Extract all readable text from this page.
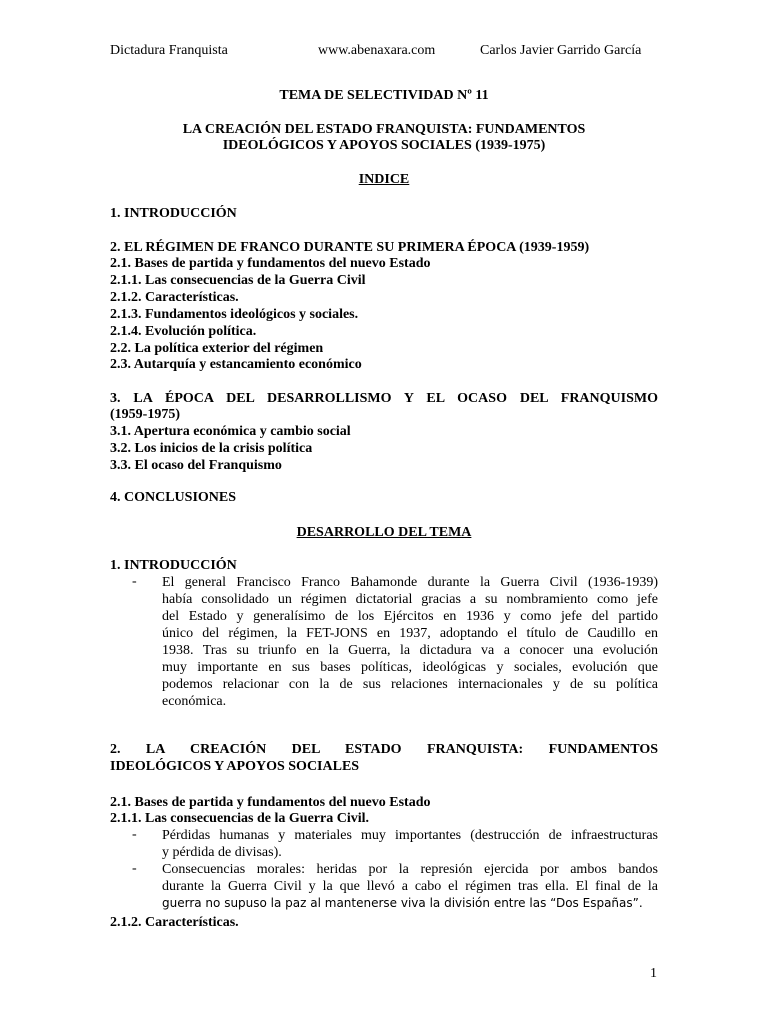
Dictadura Franquista	www.abenaxara.com	Carlos Javier Garrido García
TEMA DE SELECTIVIDAD Nº 11
LA CREACIÓN DEL ESTADO FRANQUISTA: FUNDAMENTOS
IDEOLÓGICOS Y APOYOS SOCIALES (1939-1975)
INDICE
1. INTRODUCCIÓN
2. EL RÉGIMEN DE FRANCO DURANTE SU PRIMERA ÉPOCA (1939-1959)
2.1. Bases de partida y fundamentos del nuevo Estado
2.1.1. Las consecuencias de la Guerra Civil
2.1.2. Características.
2.1.3. Fundamentos ideológicos y sociales.
2.1.4. Evolución política.
2.2. La política exterior del régimen
2.3. Autarquía y estancamiento económico
3. LA ÉPOCA DEL DESARROLLISMO Y EL OCASO DEL FRANQUISMO
(1959-1975)
3.1. Apertura económica y cambio social
3.2. Los inicios de la crisis política
3.3. El ocaso del Franquismo
4. CONCLUSIONES
DESARROLLO DEL TEMA
1. INTRODUCCIÓN
- El general Francisco Franco Bahamonde durante la Guerra Civil (1936-1939)
había consolidado un régimen dictatorial gracias a su nombramiento como jefe
del Estado y generalísimo de los Ejércitos en 1936 y como jefe del partido
único del régimen, la FET-JONS en 1937, adoptando el título de Caudillo en
1938. Tras su triunfo en la Guerra, la dictadura va a conocer una evolución
muy importante en sus bases políticas, ideológicas y sociales, evolución que
podemos relacionar con la de sus relaciones internacionales y de su política
económica.
2. LA CREACIÓN DEL ESTADO FRANQUISTA: FUNDAMENTOS
IDEOLÓGICOS Y APOYOS SOCIALES
2.1. Bases de partida y fundamentos del nuevo Estado
2.1.1. Las consecuencias de la Guerra Civil.
- Pérdidas humanas y materiales muy importantes (destrucción de infraestructuras
y pérdida de divisas).
- Consecuencias morales: heridas por la represión ejercida por ambos bandos
durante la Guerra Civil y la que llevó a cabo el régimen tras ella. El final de la
guerra no supuso la paz al mantenerse viva la división entre las “Dos Españas”.
2.1.2. Características.
1
